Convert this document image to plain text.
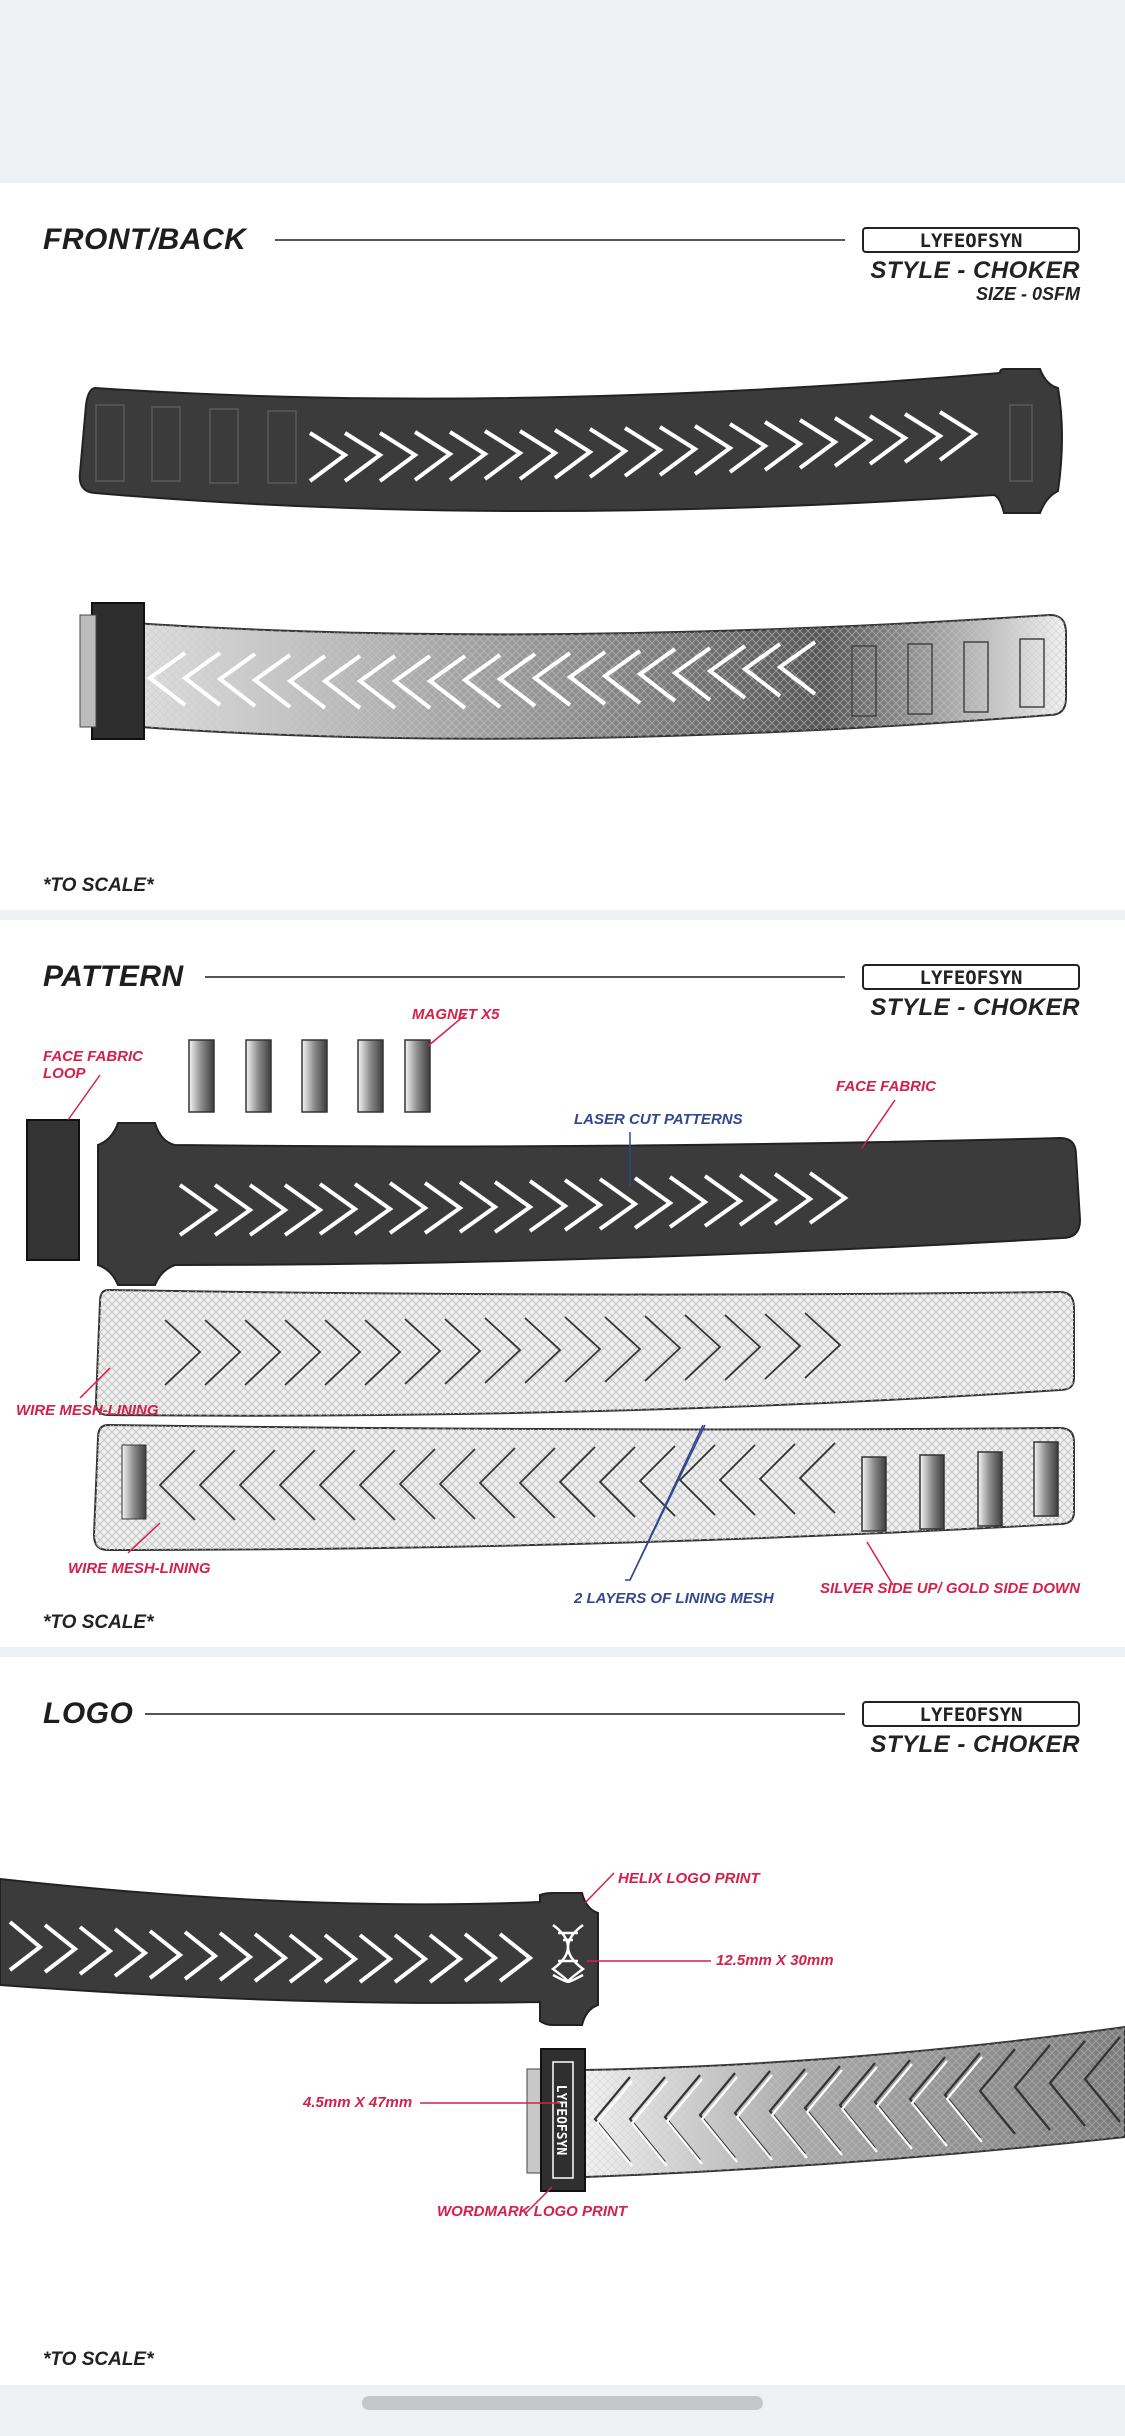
FRONT/BACK	LYFEOFSYN
STYLE - CHOKER
SIZE - 0SFM
*TO SCALE*
PATTERN	LYFEOFSYN
STYLE - CHOKER
FACE FABRIC LOOP
MAGNET X5
LASER CUT PATTERNS
FACE FABRIC
WIRE MESH-LINING
WIRE MESH-LINING
2 LAYERS OF LINING MESH
SILVER SIDE UP/ GOLD SIDE DOWN
*TO SCALE*
LOGO	LYFEOFSYN
STYLE - CHOKER
LYFEOFSYN
HELIX LOGO PRINT
12.5mm X 30mm
4.5mm X 47mm
WORDMARK LOGO PRINT
*TO SCALE*
